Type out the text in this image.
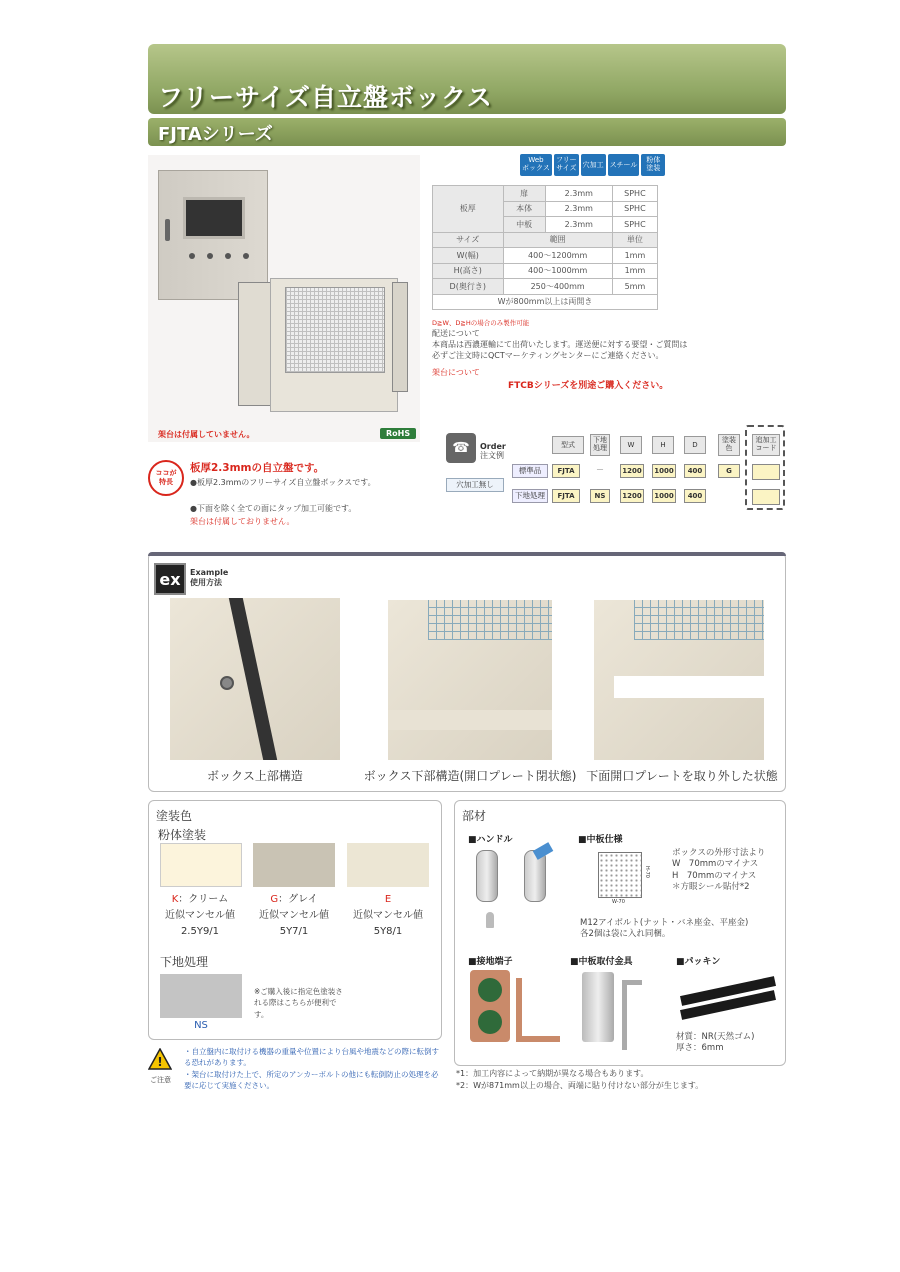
フリーサイズ自立盤ボックス
FJTAシリーズ
架台は付属していません。	RoHS
Web
ボックス
フリー
サイズ 穴加工 スチール
粉体
塗装
板厚	扉	2.3mm	SPHC
	本体	2.3mm	SPHC
	中板	2.3mm	SPHC
サイズ	範囲		単位
W(幅)	400～1200mm		1mm
H(高さ)	400～1000mm		1mm
D(奥行き)	250～400mm		5mm
Wが800mm以上は両開き			
D≧W、D≧Hの場合のみ製作可能
配送について
本商品は西濃運輸にて出荷いたします。運送便に対する要望・ご質問は
必ずご注文時にQCTマーケティングセンターにご連絡ください。
架台について
FTCBシリーズを別途ご購入ください。
ココが
特長
板厚2.3mmの自立盤です。
●板厚2.3mmのフリーサイズ自立盤ボックスです。
●下面を除く全ての面にタップ加工可能です。
架台は付属しておりません。
☎	Order
注文例
穴加工無し
型式
下地
処理	W	H	D
塗装
色
追加工
コード
標準品	FJTA	－	1200	1000	400	G
下地処理	FJTA	NS	1200	1000	400
ex	Example
使用方法
ボックス上部構造	ボックス下部構造(開口プレート閉状態) 下面開口プレートを取り外した状態
塗装色
粉体塗装
K：クリーム
近似マンセル値
2.5Y9/1
G：グレイ
近似マンセル値
5Y7/1
E
近似マンセル値
5Y8/1
下地処理
NS
※ご購入後に指定色塗装される際はこちらが便利です。
!
ご注意
・自立盤内に取付ける機器の重量や位置により台風や地震などの際に転倒する恐れがあります。
・架台に取付けた上で、所定のアンカーボルトの他にも転倒防止の処理を必要に応じて実施ください。
部材
■ハンドル	■中板仕様
W-70
H-70
ボックスの外形寸法より
W　70mmのマイナス
H　70mmのマイナス
＊方眼シール貼付*2
M12アイボルト(ナット・バネ座金、平座金)
各2個は袋に入れ同梱。
■接地端子	■中板取付金具	■パッキン
材質：NR(天然ゴム)
厚さ：6mm
*1：加工内容によって納期が異なる場合もあります。
*2：Wが871mm以上の場合、両端に貼り付けない部分が生じます。
